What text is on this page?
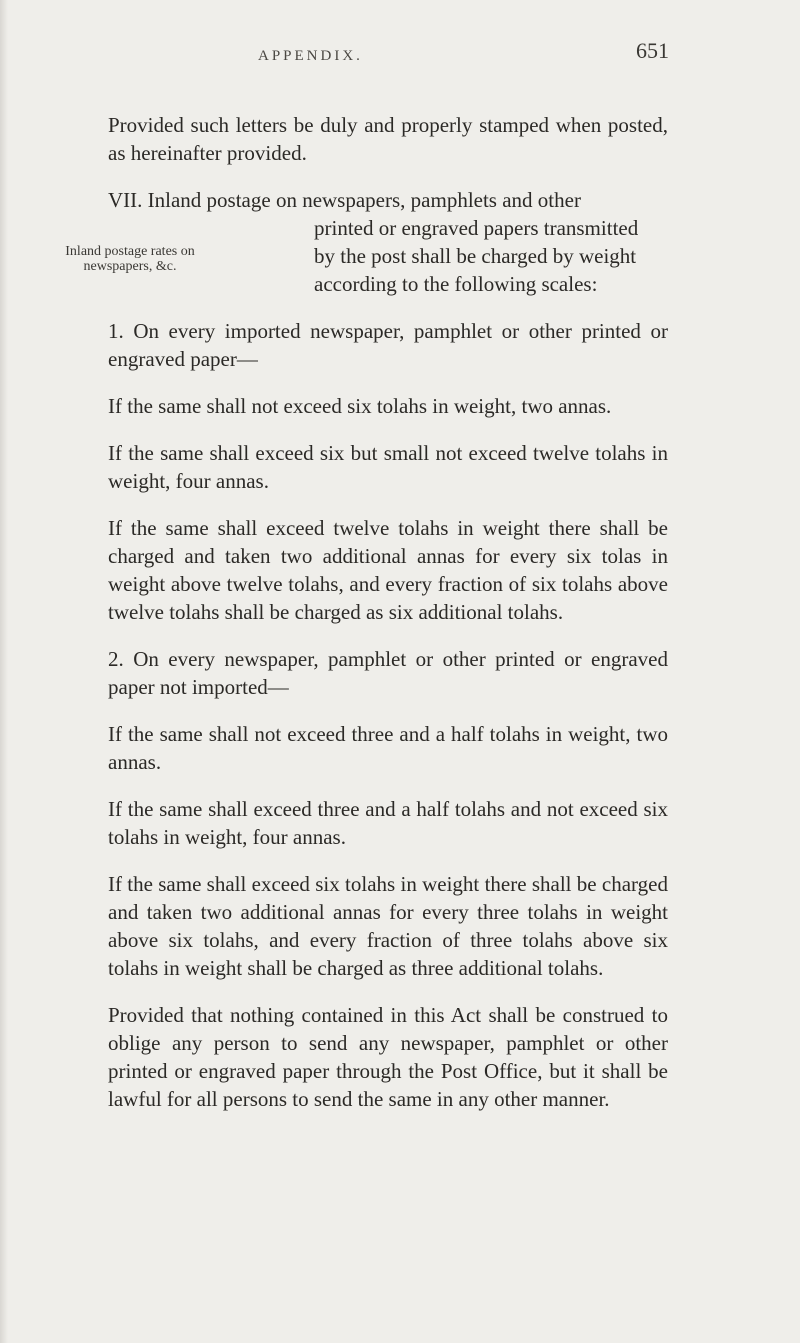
APPENDIX.	651
Inland postage rates on newspapers, &c.

Provided such letters be duly and properly stamped when posted, as hereinafter provided.

VII. Inland postage on newspapers, pamphlets and other
printed or engraved papers transmitted
by the post shall be charged by weight
according to the following scales:

1. On every imported newspaper, pamphlet or other printed or engraved paper—

If the same shall not exceed six tolahs in weight, two annas.

If the same shall exceed six but small not exceed twelve tolahs in weight, four annas.

If the same shall exceed twelve tolahs in weight there shall be charged and taken two additional annas for every six tolas in weight above twelve tolahs, and every fraction of six tolahs above twelve tolahs shall be charged as six additional tolahs.

2. On every newspaper, pamphlet or other printed or engraved paper not imported—

If the same shall not exceed three and a half tolahs in weight, two annas.

If the same shall exceed three and a half tolahs and not exceed six tolahs in weight, four annas.

If the same shall exceed six tolahs in weight there shall be charged and taken two additional annas for every three tolahs in weight above six tolahs, and every fraction of three tolahs above six tolahs in weight shall be charged as three additional tolahs.

Provided that nothing contained in this Act shall be construed to oblige any person to send any newspaper, pamphlet or other printed or engraved paper through the Post Office, but it shall be lawful for all persons to send the same in any other manner.
